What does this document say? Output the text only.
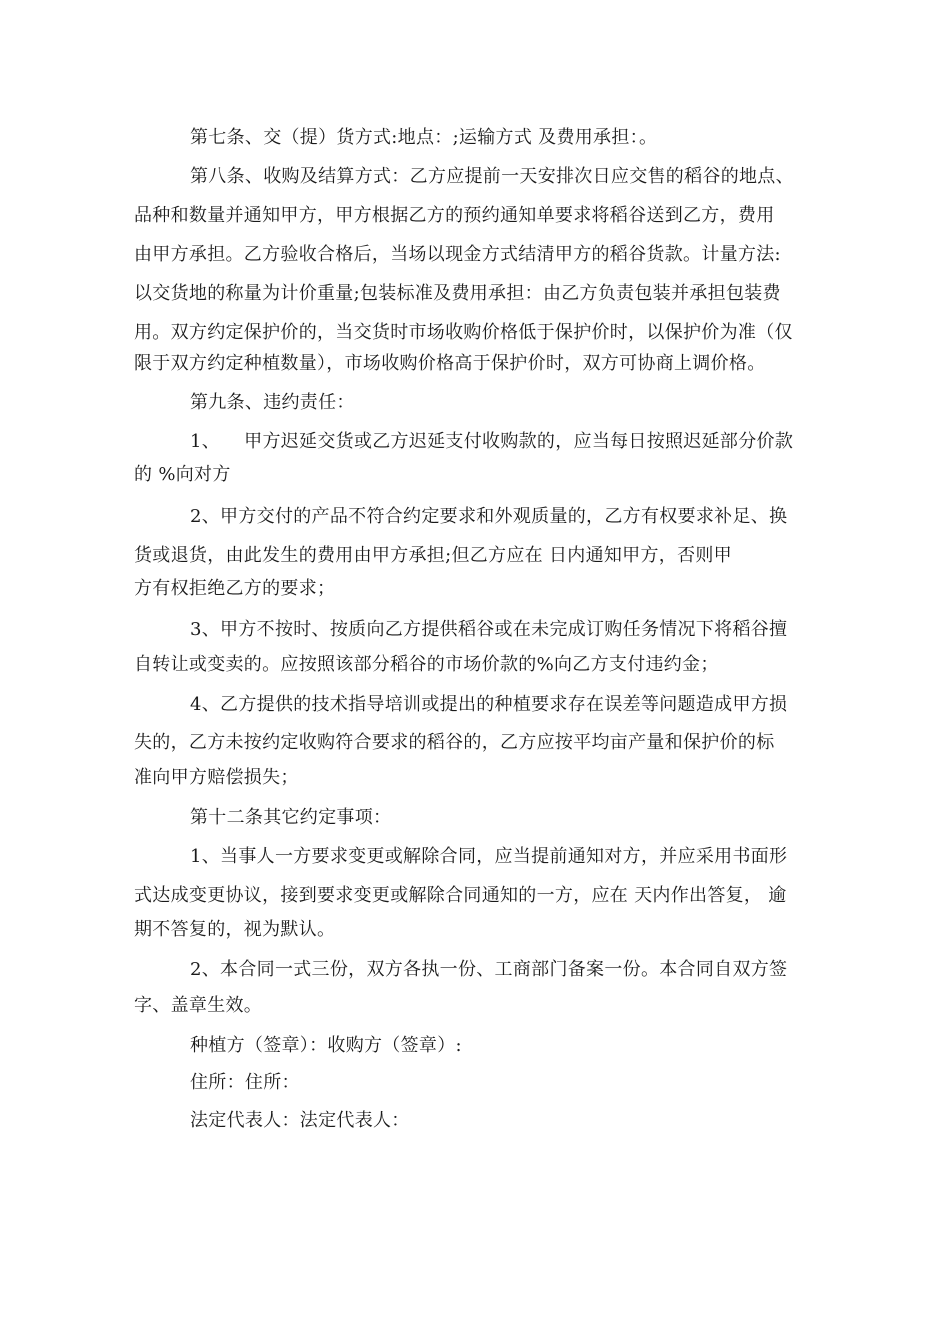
第七条、交（提）货方式:地点：;运输方式 及费用承担：。
第八条、收购及结算方式：乙方应提前一天安排次日应交售的稻谷的地点、
品种和数量并通知甲方，甲方根据乙方的预约通知单要求将稻谷送到乙方，费用
由甲方承担。乙方验收合格后，当场以现金方式结清甲方的稻谷货款。计量方法:
以交货地的称量为计价重量;包装标准及费用承担：由乙方负责包装并承担包装费
用。双方约定保护价的，当交货时市场收购价格低于保护价时，以保护价为准（仅
限于双方约定种植数量），市场收购价格高于保护价时，双方可协商上调价格。
第九条、违约责任：
1、    甲方迟延交货或乙方迟延支付收购款的，应当每日按照迟延部分价款
的 %向对方
2、甲方交付的产品不符合约定要求和外观质量的，乙方有权要求补足、换
货或退货，由此发生的费用由甲方承担;但乙方应在 日内通知甲方，否则甲
方有权拒绝乙方的要求；
3、甲方不按时、按质向乙方提供稻谷或在未完成订购任务情况下将稻谷擅
自转让或变卖的。应按照该部分稻谷的市场价款的%向乙方支付违约金；
4、乙方提供的技术指导培训或提出的种植要求存在误差等问题造成甲方损
失的，乙方未按约定收购符合要求的稻谷的，乙方应按平均亩产量和保护价的标
准向甲方赔偿损失；
第十二条其它约定事项：
1、当事人一方要求变更或解除合同，应当提前通知对方，并应采用书面形
式达成变更协议，接到要求变更或解除合同通知的一方，应在 天内作出答复， 逾
期不答复的，视为默认。
2、本合同一式三份，双方各执一份、工商部门备案一份。本合同自双方签
字、盖章生效。
种植方（签章）：收购方（签章）:
住所：住所：
法定代表人：法定代表人：
